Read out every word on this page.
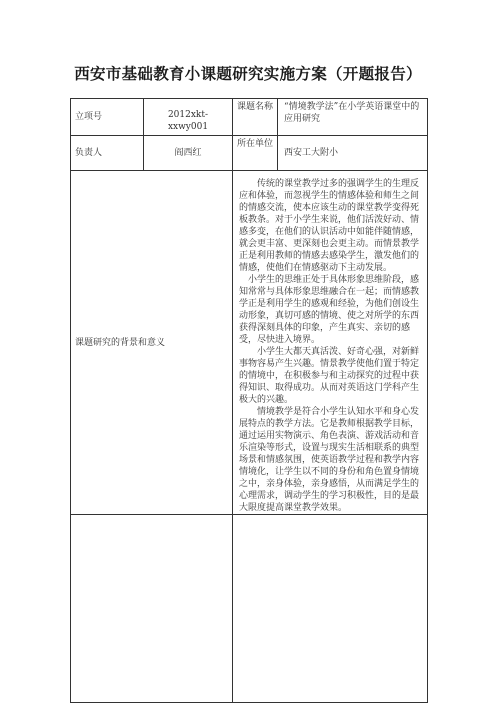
西安市基础教育小课题研究实施方案（开题报告）
立项号	2012xkt-xxwy001	课题名称	“情境教学法”在小学英语课堂中的应用研究
负责人	阎西红	所在单位	西安工大附小
课题研究的背景和意义		传统的课堂教学过多的强调学生的生理反应和体验，而忽视学生的情感体验和师生之间的情感交流，使本应该生动的课堂教学变得死板教条。对于小学生来说，他们活泼好动、情感多变，在他们的认识活动中如能伴随情感，就会更丰富、更深刻也会更主动。而情景教学正是利用教师的情感去感染学生，激发他们的情感，使他们在情感驱动下主动发展。

小学生的思维正处于具体形象思维阶段，感知常常与具体形象思维融合在一起；而情感教学正是利用学生的感观和经验，为他们创设生动形象，真切可感的情境、使之对所学的东西获得深刻具体的印象，产生真实、亲切的感受，尽快进入境界。

小学生大都天真活泼、好奇心强，对新鲜事物容易产生兴趣。情景教学使他们置于特定的情境中，在积极参与和主动探究的过程中获得知识、取得成功。从而对英语这门学科产生极大的兴趣。

情境教学是符合小学生认知水平和身心发展特点的教学方法。它是教师根据教学目标，通过运用实物演示、角色表演、游戏活动和音乐渲染等形式，设置与现实生活相联系的典型场景和情感氛围，使英语教学过程和教学内容情境化，让学生以不同的身份和角色置身情境之中，亲身体验，亲身感悟，从而满足学生的心理需求，调动学生的学习积极性，目的是最大限度提高课堂教学效果。	
